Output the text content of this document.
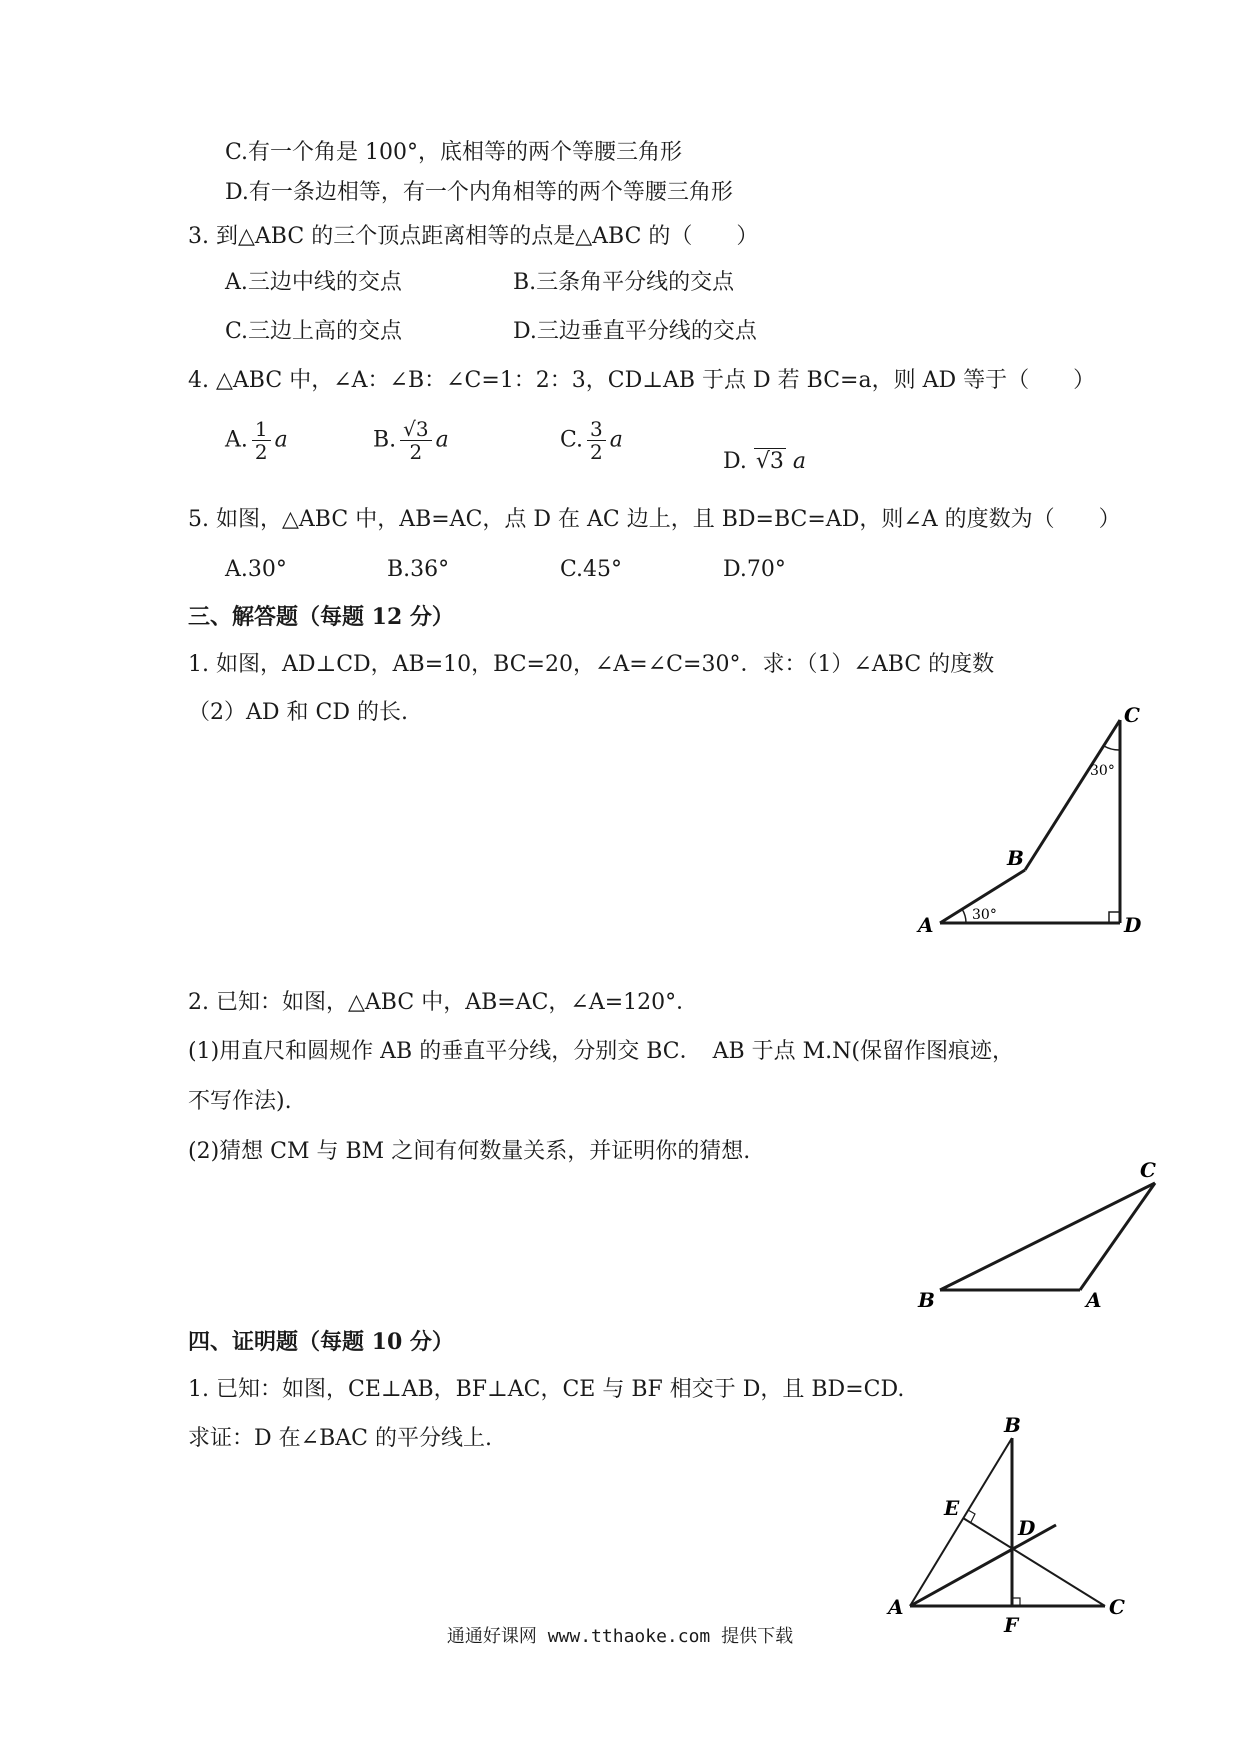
C.有一个角是 100°，底相等的两个等腰三角形
D.有一条边相等，有一个内角相等的两个等腰三角形
3. 到△ABC 的三个顶点距离相等的点是△ABC 的（　　）
A.三边中线的交点	B.三条角平分线的交点
C.三边上高的交点	D.三边垂直平分线的交点
4. △ABC 中，∠A：∠B：∠C=1：2：3，CD⊥AB 于点 D 若 BC=a，则 AD 等于（　　）
A. $\frac{1}{2}$ a	B. $\frac{√3}{2}$ a	C. $\frac{3}{2}$ a
D. √3 a
5. 如图，△ABC 中，AB=AC，点 D 在 AC 边上，且 BD=BC=AD，则∠A 的度数为（　　）
A.30°	B.36°	C.45°	D.70°
三、解答题（每题 12 分）
1. 如图，AD⊥CD，AB=10，BC=20，∠A=∠C=30°．求：（1）∠ABC 的度数
（2）AD 和 CD 的长.
A
B
C
D
30°
30°
2. 已知：如图，△ABC 中，AB=AC，∠A=120°．
(1)用直尺和圆规作 AB 的垂直平分线，分别交 BC．　AB 于点 M.N(保留作图痕迹，
不写作法).
(2)猜想 CM 与 BM 之间有何数量关系，并证明你的猜想.
B	A
C
四、证明题（每题 10 分）
1. 已知：如图，CE⊥AB，BF⊥AC，CE 与 BF 相交于 D，且 BD=CD.
求证：D 在∠BAC 的平分线上.
A
B
C
D
E
F
通通好课网 www.tthaoke.com 提供下载
